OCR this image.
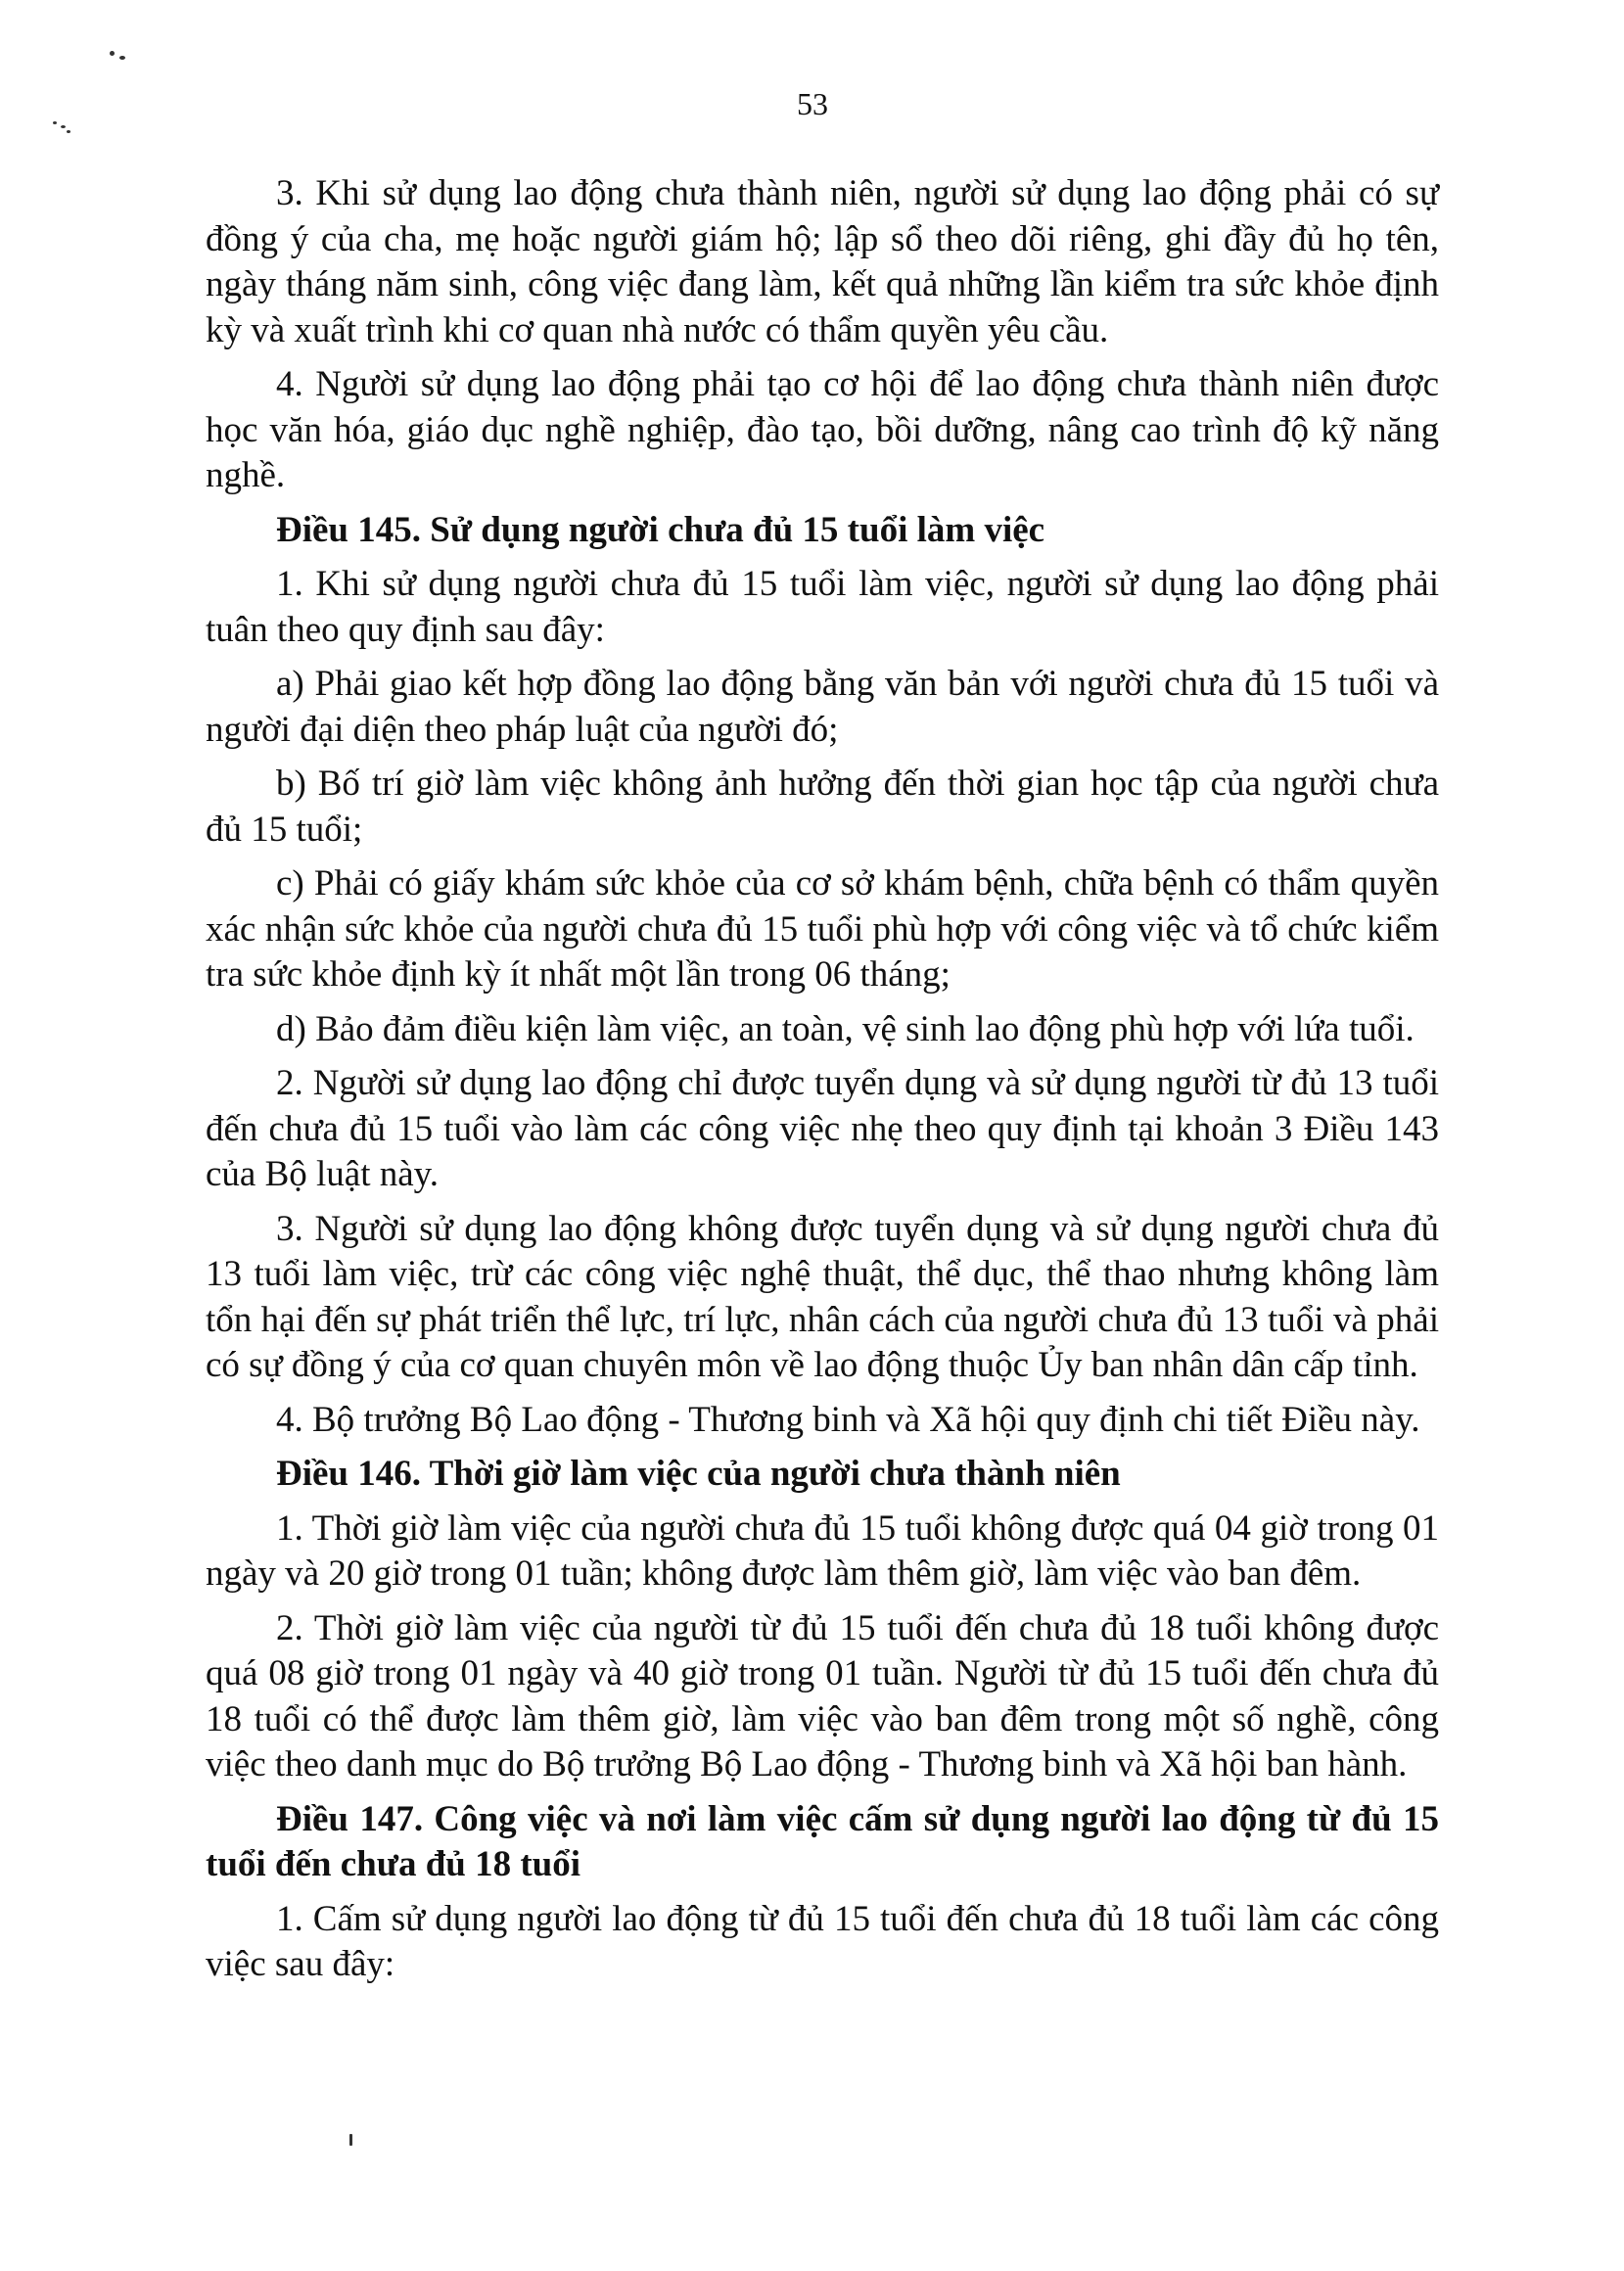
53

3. Khi sử dụng lao động chưa thành niên, người sử dụng lao động phải có sự đồng ý của cha, mẹ hoặc người giám hộ; lập sổ theo dõi riêng, ghi đầy đủ họ tên, ngày tháng năm sinh, công việc đang làm, kết quả những lần kiểm tra sức khỏe định kỳ và xuất trình khi cơ quan nhà nước có thẩm quyền yêu cầu.

4. Người sử dụng lao động phải tạo cơ hội để lao động chưa thành niên được học văn hóa, giáo dục nghề nghiệp, đào tạo, bồi dưỡng, nâng cao trình độ kỹ năng nghề.

Điều 145. Sử dụng người chưa đủ 15 tuổi làm việc

1. Khi sử dụng người chưa đủ 15 tuổi làm việc, người sử dụng lao động phải tuân theo quy định sau đây:

a) Phải giao kết hợp đồng lao động bằng văn bản với người chưa đủ 15 tuổi và người đại diện theo pháp luật của người đó;

b) Bố trí giờ làm việc không ảnh hưởng đến thời gian học tập của người chưa đủ 15 tuổi;

c) Phải có giấy khám sức khỏe của cơ sở khám bệnh, chữa bệnh có thẩm quyền xác nhận sức khỏe của người chưa đủ 15 tuổi phù hợp với công việc và tổ chức kiểm tra sức khỏe định kỳ ít nhất một lần trong 06 tháng;

d) Bảo đảm điều kiện làm việc, an toàn, vệ sinh lao động phù hợp với lứa tuổi.

2. Người sử dụng lao động chỉ được tuyển dụng và sử dụng người từ đủ 13 tuổi đến chưa đủ 15 tuổi vào làm các công việc nhẹ theo quy định tại khoản 3 Điều 143 của Bộ luật này.

3. Người sử dụng lao động không được tuyển dụng và sử dụng người chưa đủ 13 tuổi làm việc, trừ các công việc nghệ thuật, thể dục, thể thao nhưng không làm tổn hại đến sự phát triển thể lực, trí lực, nhân cách của người chưa đủ 13 tuổi và phải có sự đồng ý của cơ quan chuyên môn về lao động thuộc Ủy ban nhân dân cấp tỉnh.

4. Bộ trưởng Bộ Lao động - Thương binh và Xã hội quy định chi tiết Điều này.

Điều 146. Thời giờ làm việc của người chưa thành niên

1. Thời giờ làm việc của người chưa đủ 15 tuổi không được quá 04 giờ trong 01 ngày và 20 giờ trong 01 tuần; không được làm thêm giờ, làm việc vào ban đêm.

2. Thời giờ làm việc của người từ đủ 15 tuổi đến chưa đủ 18 tuổi không được quá 08 giờ trong 01 ngày và 40 giờ trong 01 tuần. Người từ đủ 15 tuổi đến chưa đủ 18 tuổi có thể được làm thêm giờ, làm việc vào ban đêm trong một số nghề, công việc theo danh mục do Bộ trưởng Bộ Lao động - Thương binh và Xã hội ban hành.

Điều 147. Công việc và nơi làm việc cấm sử dụng người lao động từ đủ 15 tuổi đến chưa đủ 18 tuổi

1. Cấm sử dụng người lao động từ đủ 15 tuổi đến chưa đủ 18 tuổi làm các công việc sau đây:
